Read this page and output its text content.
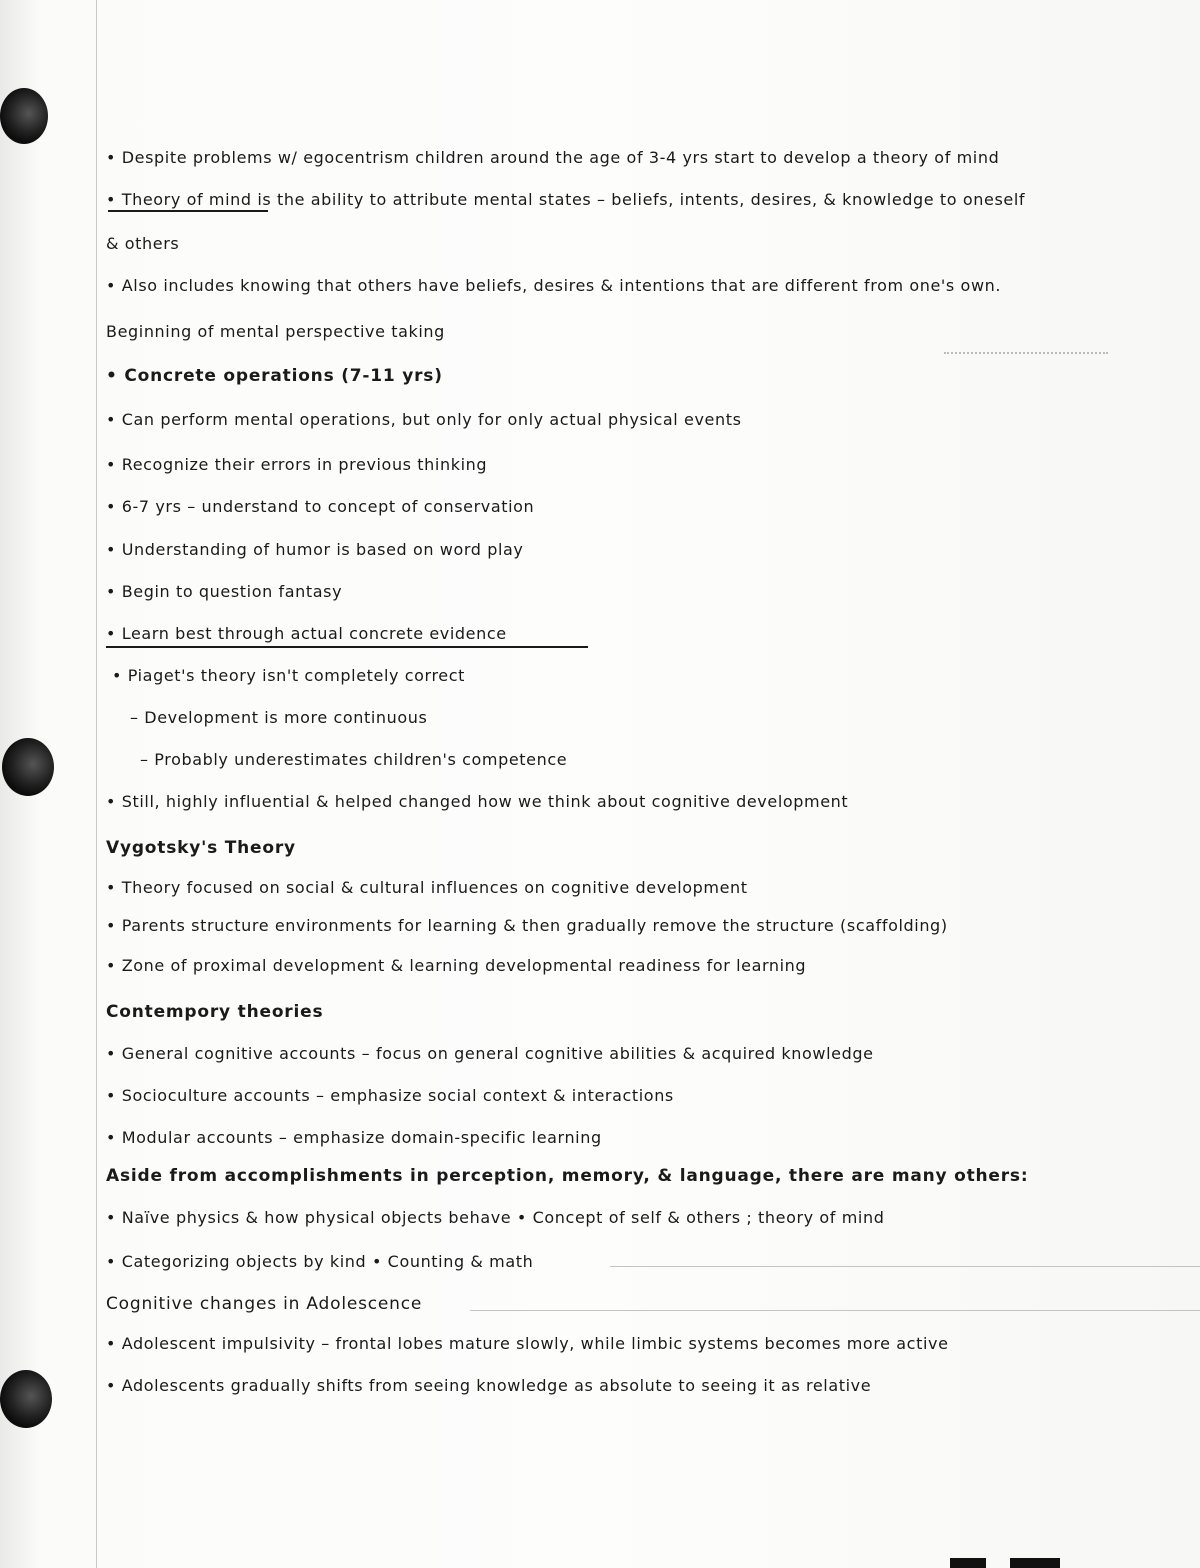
• Despite problems w/ egocentrism children around the age of 3-4 yrs start to develop a theory of mind
• Theory of mind is the ability to attribute mental states – beliefs, intents, desires, & knowledge to oneself
& others
• Also includes knowing that others have beliefs, desires & intentions that are different from one's own.
Beginning of mental perspective taking
• Concrete operations (7-11 yrs)
• Can perform mental operations, but only for only actual physical events
• Recognize their errors in previous thinking
• 6-7 yrs – understand to concept of conservation
• Understanding of humor is based on word play
• Begin to question fantasy
• Learn best through actual concrete evidence
• Piaget's theory isn't completely correct
– Development is more continuous
– Probably underestimates children's competence
• Still, highly influential & helped changed how we think about cognitive development
Vygotsky's Theory
• Theory focused on social & cultural influences on cognitive development
• Parents structure environments for learning & then gradually remove the structure (scaffolding)
• Zone of proximal development & learning developmental readiness for learning
Contempory theories
• General cognitive accounts – focus on general cognitive abilities & acquired knowledge
• Socioculture accounts – emphasize social context & interactions
• Modular accounts – emphasize domain-specific learning
Aside from accomplishments in perception, memory, & language, there are many others:
• Naïve physics & how physical objects behave • Concept of self & others ; theory of mind
• Categorizing objects by kind • Counting & math
Cognitive changes in Adolescence
• Adolescent impulsivity – frontal lobes mature slowly, while limbic systems becomes more active
• Adolescents gradually shifts from seeing knowledge as absolute to seeing it as relative
